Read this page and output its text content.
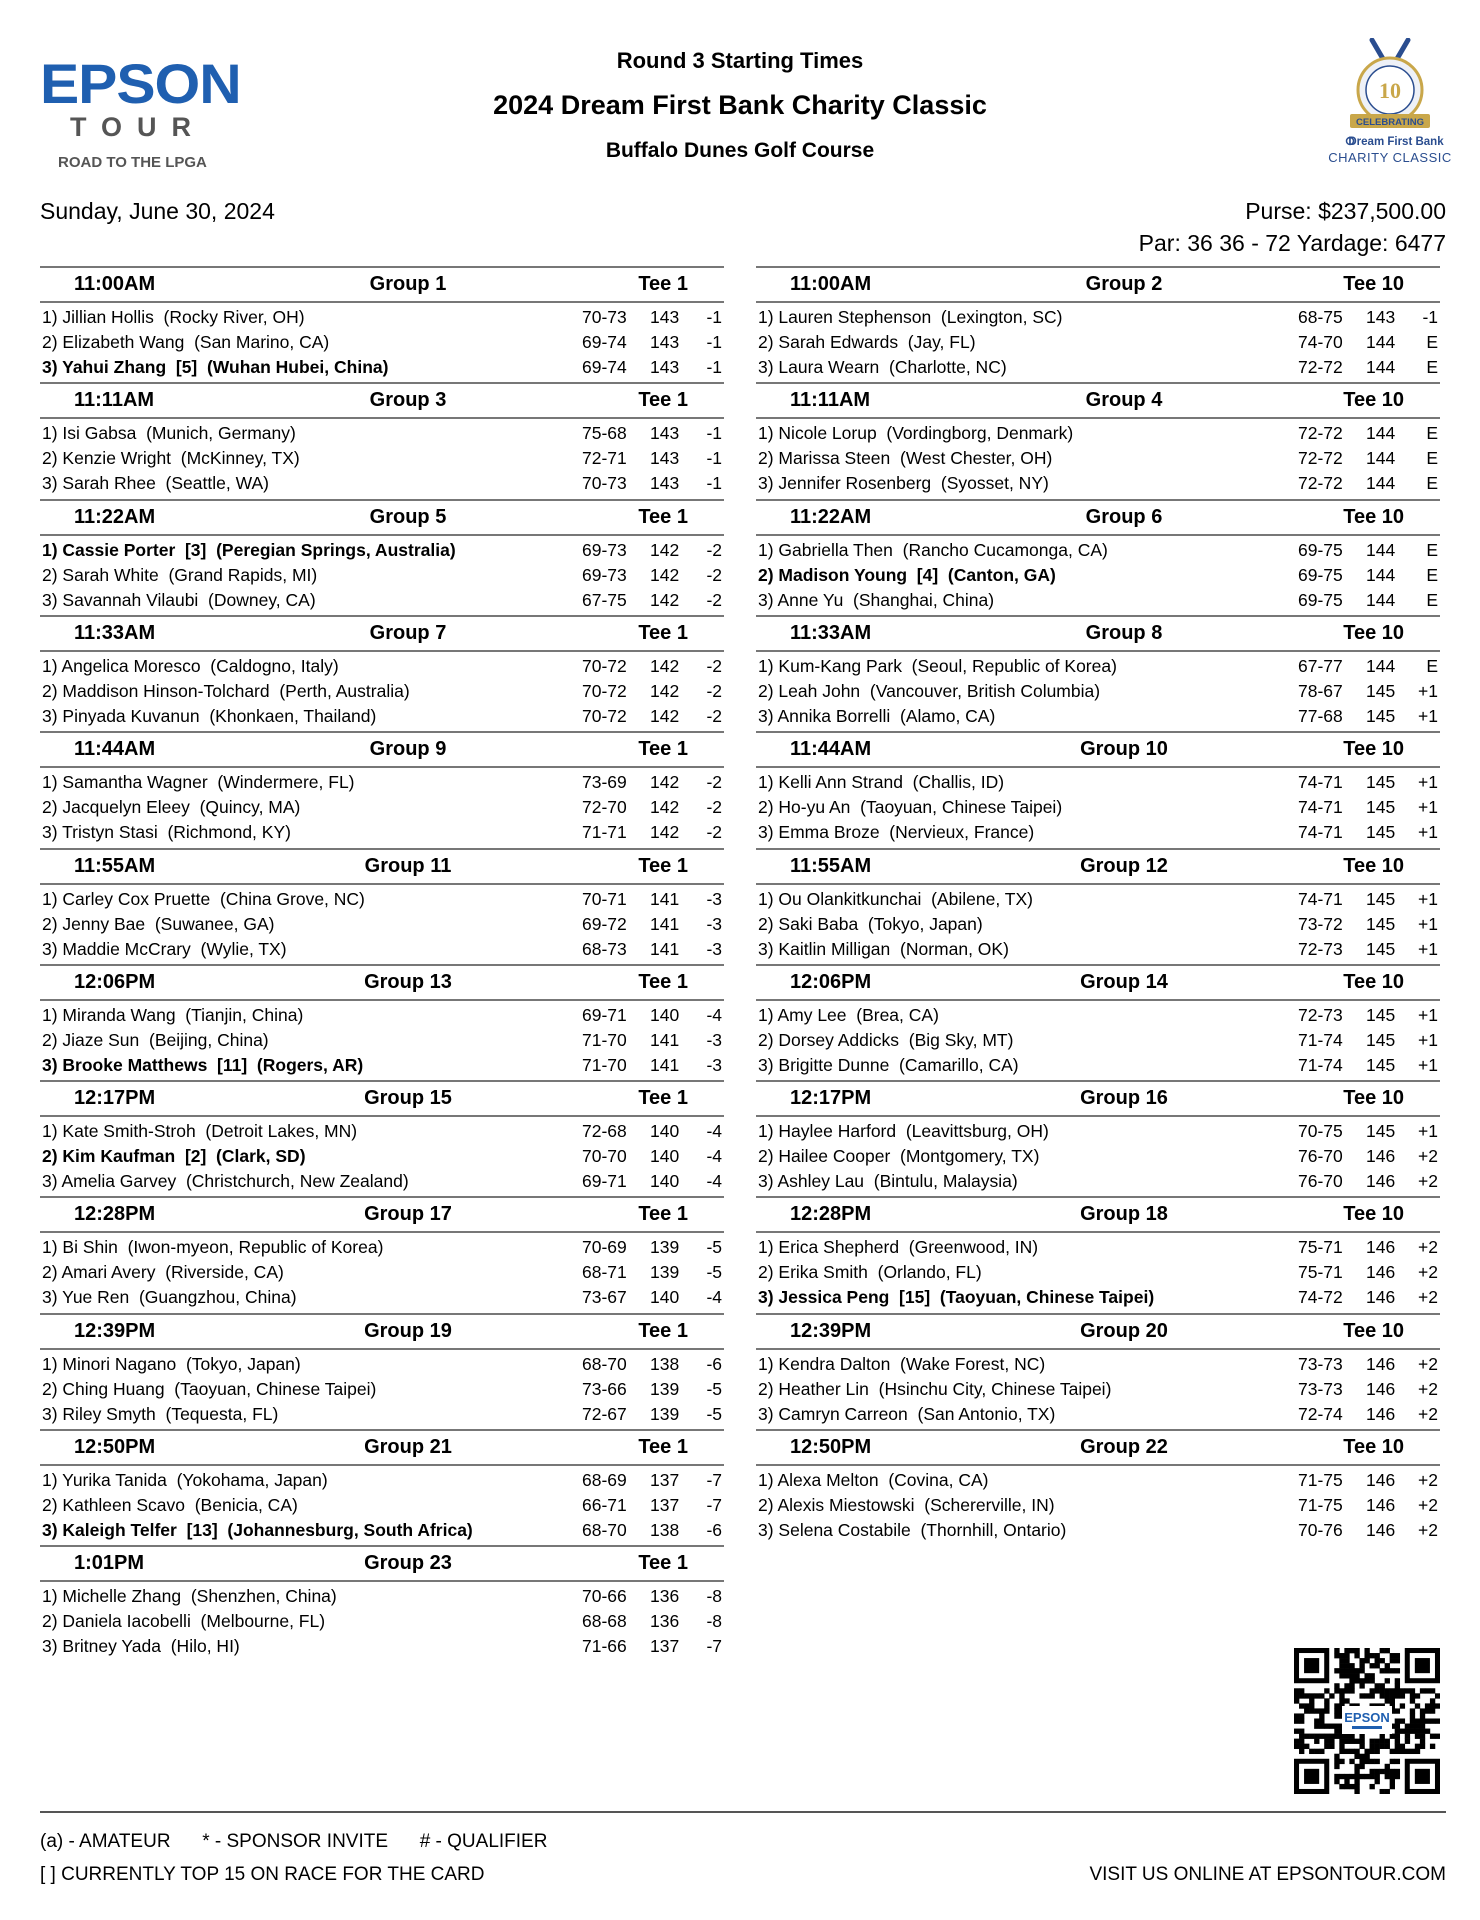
EPSON
TOUR
ROAD TO THE LPGA
Round 3 Starting Times
2024 Dream First Bank Charity Classic
Buffalo Dunes Golf Course
10
CELEBRATING
Dream First Bank
CHARITY CLASSIC
Sunday, June 30, 2024	Purse: $237,500.00
Par: 36 36 - 72 Yardage: 6477
11:00AM	Group 1	Tee 1
1) Jillian Hollis  (Rocky River, OH)	70-73 143 -1
2) Elizabeth Wang  (San Marino, CA)	69-74 143 -1
3) Yahui Zhang  [5]  (Wuhan Hubei, China)	69-74 143 -1
11:11AM	Group 3	Tee 1
1) Isi Gabsa  (Munich, Germany)	75-68 143 -1
2) Kenzie Wright  (McKinney, TX)	72-71 143 -1
3) Sarah Rhee  (Seattle, WA)	70-73 143 -1
11:22AM	Group 5	Tee 1
1) Cassie Porter  [3]  (Peregian Springs, Australia)	69-73 142 -2
2) Sarah White  (Grand Rapids, MI)	69-73 142 -2
3) Savannah Vilaubi  (Downey, CA)	67-75 142 -2
11:33AM	Group 7	Tee 1
1) Angelica Moresco  (Caldogno, Italy)	70-72 142 -2
2) Maddison Hinson-Tolchard  (Perth, Australia)	70-72 142 -2
3) Pinyada Kuvanun  (Khonkaen, Thailand)	70-72 142 -2
11:44AM	Group 9	Tee 1
1) Samantha Wagner  (Windermere, FL)	73-69 142 -2
2) Jacquelyn Eleey  (Quincy, MA)	72-70 142 -2
3) Tristyn Stasi  (Richmond, KY)	71-71 142 -2
11:55AM	Group 11	Tee 1
1) Carley Cox Pruette  (China Grove, NC)	70-71 141 -3
2) Jenny Bae  (Suwanee, GA)	69-72 141 -3
3) Maddie McCrary  (Wylie, TX)	68-73 141 -3
12:06PM	Group 13	Tee 1
1) Miranda Wang  (Tianjin, China)	69-71 140 -4
2) Jiaze Sun  (Beijing, China)	71-70 141 -3
3) Brooke Matthews  [11]  (Rogers, AR)	71-70 141 -3
12:17PM	Group 15	Tee 1
1) Kate Smith-Stroh  (Detroit Lakes, MN)	72-68 140 -4
2) Kim Kaufman  [2]  (Clark, SD)	70-70 140 -4
3) Amelia Garvey  (Christchurch, New Zealand)	69-71 140 -4
12:28PM	Group 17	Tee 1
1) Bi Shin  (Iwon-myeon, Republic of Korea)	70-69 139 -5
2) Amari Avery  (Riverside, CA)	68-71 139 -5
3) Yue Ren  (Guangzhou, China)	73-67 140 -4
12:39PM	Group 19	Tee 1
1) Minori Nagano  (Tokyo, Japan)	68-70 138 -6
2) Ching Huang  (Taoyuan, Chinese Taipei)	73-66 139 -5
3) Riley Smyth  (Tequesta, FL)	72-67 139 -5
12:50PM	Group 21	Tee 1
1) Yurika Tanida  (Yokohama, Japan)	68-69 137 -7
2) Kathleen Scavo  (Benicia, CA)	66-71 137 -7
3) Kaleigh Telfer  [13]  (Johannesburg, South Africa)	68-70 138 -6
1:01PM	Group 23	Tee 1
1) Michelle Zhang  (Shenzhen, China)	70-66 136 -8
2) Daniela Iacobelli  (Melbourne, FL)	68-68 136 -8
3) Britney Yada  (Hilo, HI)	71-66 137 -7
11:00AM	Group 2	Tee 10
1) Lauren Stephenson  (Lexington, SC)	68-75 143 -1
2) Sarah Edwards  (Jay, FL)	74-70 144 E
3) Laura Wearn  (Charlotte, NC)	72-72 144 E
11:11AM	Group 4	Tee 10
1) Nicole Lorup  (Vordingborg, Denmark)	72-72 144 E
2) Marissa Steen  (West Chester, OH)	72-72 144 E
3) Jennifer Rosenberg  (Syosset, NY)	72-72 144 E
11:22AM	Group 6	Tee 10
1) Gabriella Then  (Rancho Cucamonga, CA)	69-75 144 E
2) Madison Young  [4]  (Canton, GA)	69-75 144 E
3) Anne Yu  (Shanghai, China)	69-75 144 E
11:33AM	Group 8	Tee 10
1) Kum-Kang Park  (Seoul, Republic of Korea)	67-77 144 E
2) Leah John  (Vancouver, British Columbia)	78-67 145 +1
3) Annika Borrelli  (Alamo, CA)	77-68 145 +1
11:44AM	Group 10	Tee 10
1) Kelli Ann Strand  (Challis, ID)	74-71 145 +1
2) Ho-yu An  (Taoyuan, Chinese Taipei)	74-71 145 +1
3) Emma Broze  (Nervieux, France)	74-71 145 +1
11:55AM	Group 12	Tee 10
1) Ou Olankitkunchai  (Abilene, TX)	74-71 145 +1
2) Saki Baba  (Tokyo, Japan)	73-72 145 +1
3) Kaitlin Milligan  (Norman, OK)	72-73 145 +1
12:06PM	Group 14	Tee 10
1) Amy Lee  (Brea, CA)	72-73 145 +1
2) Dorsey Addicks  (Big Sky, MT)	71-74 145 +1
3) Brigitte Dunne  (Camarillo, CA)	71-74 145 +1
12:17PM	Group 16	Tee 10
1) Haylee Harford  (Leavittsburg, OH)	70-75 145 +1
2) Hailee Cooper  (Montgomery, TX)	76-70 146 +2
3) Ashley Lau  (Bintulu, Malaysia)	76-70 146 +2
12:28PM	Group 18	Tee 10
1) Erica Shepherd  (Greenwood, IN)	75-71 146 +2
2) Erika Smith  (Orlando, FL)	75-71 146 +2
3) Jessica Peng  [15]  (Taoyuan, Chinese Taipei)	74-72 146 +2
12:39PM	Group 20	Tee 10
1) Kendra Dalton  (Wake Forest, NC)	73-73 146 +2
2) Heather Lin  (Hsinchu City, Chinese Taipei)	73-73 146 +2
3) Camryn Carreon  (San Antonio, TX)	72-74 146 +2
12:50PM	Group 22	Tee 10
1) Alexa Melton  (Covina, CA)	71-75 146 +2
2) Alexis Miestowski  (Schererville, IN)	71-75 146 +2
3) Selena Costabile  (Thornhill, Ontario)	70-76 146 +2
EPSON
(a) - AMATEUR      * - SPONSOR INVITE      # - QUALIFIER
[ ] CURRENTLY TOP 15 ON RACE FOR THE CARD	VISIT US ONLINE AT EPSONTOUR.COM
